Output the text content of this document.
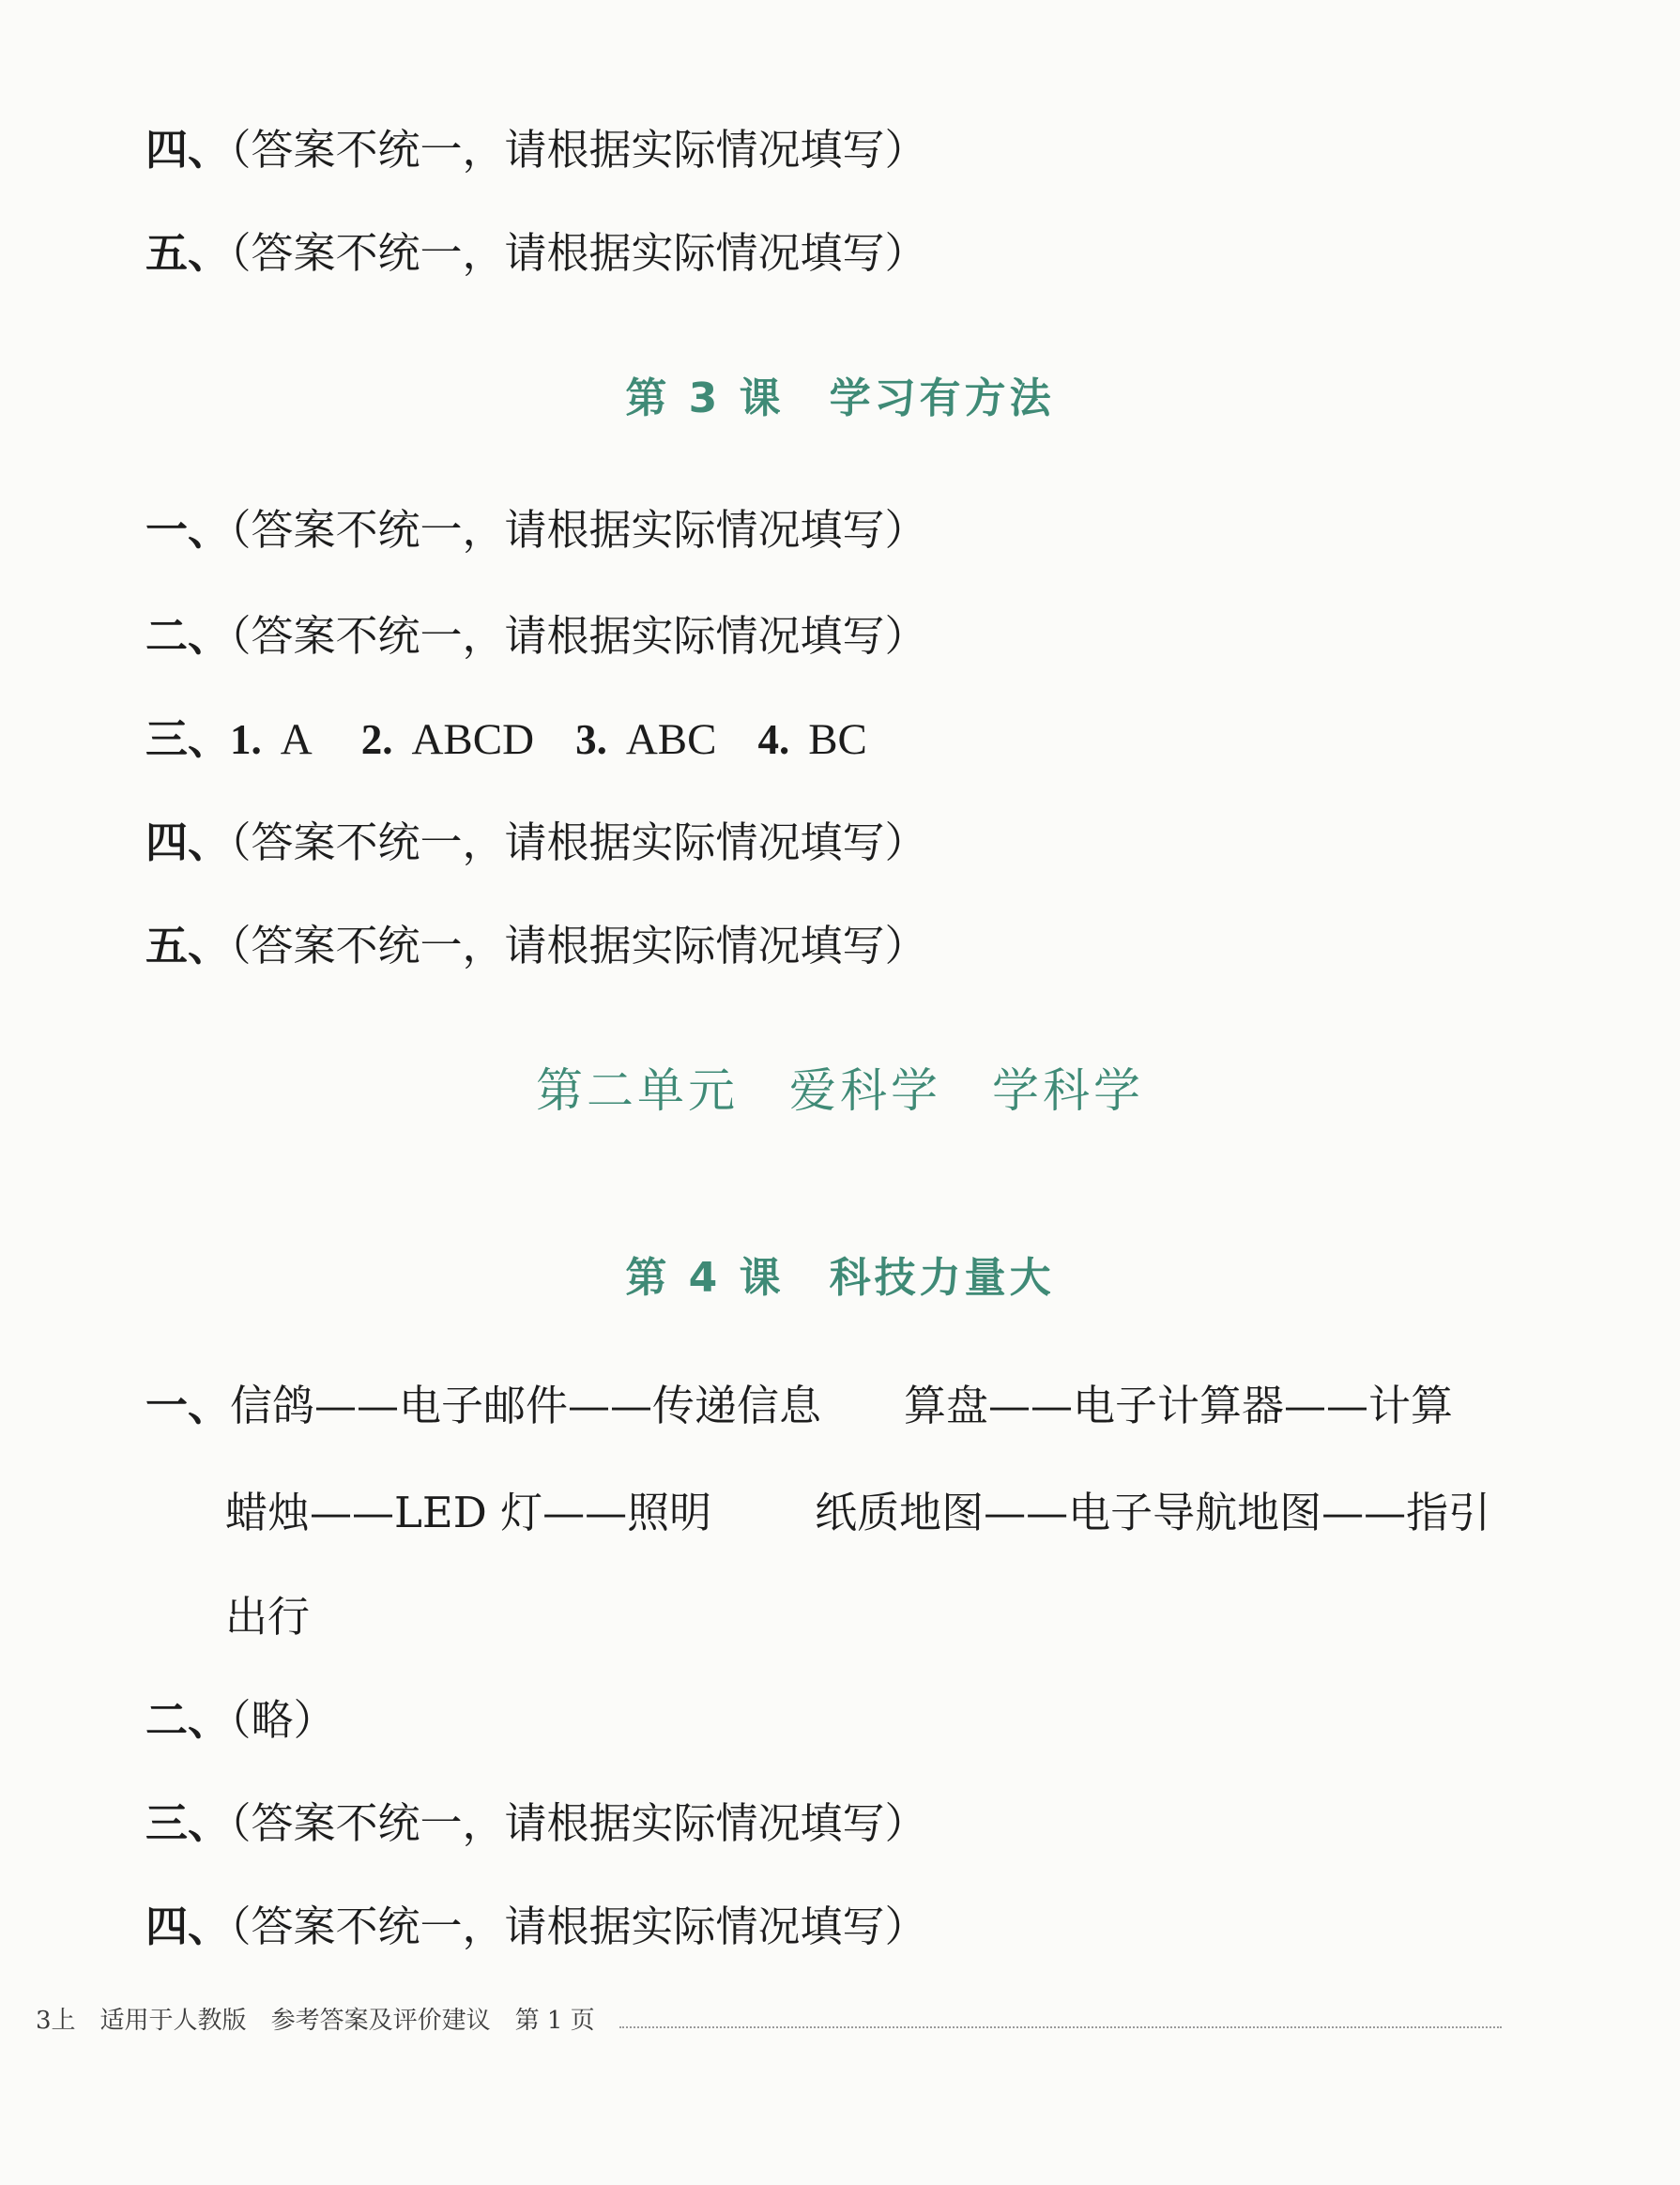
四、（答案不统一，请根据实际情况填写）
五、（答案不统一，请根据实际情况填写）
第 3 课　学习有方法
一、（答案不统一，请根据实际情况填写）
二、（答案不统一，请根据实际情况填写）
三、1. A 2. ABCD 3. ABC 4. BC
四、（答案不统一，请根据实际情况填写）
五、（答案不统一，请根据实际情况填写）
第二单元　爱科学　学科学
第 4 课　科技力量大
一、信鸽——电子邮件——传递信息 算盘——电子计算器——计算
蜡烛——LED 灯——照明 纸质地图——电子导航地图——指引
出行
二、（略）
三、（答案不统一，请根据实际情况填写）
四、（答案不统一，请根据实际情况填写）
3上 适用于人教版 参考答案及评价建议 第 1 页
